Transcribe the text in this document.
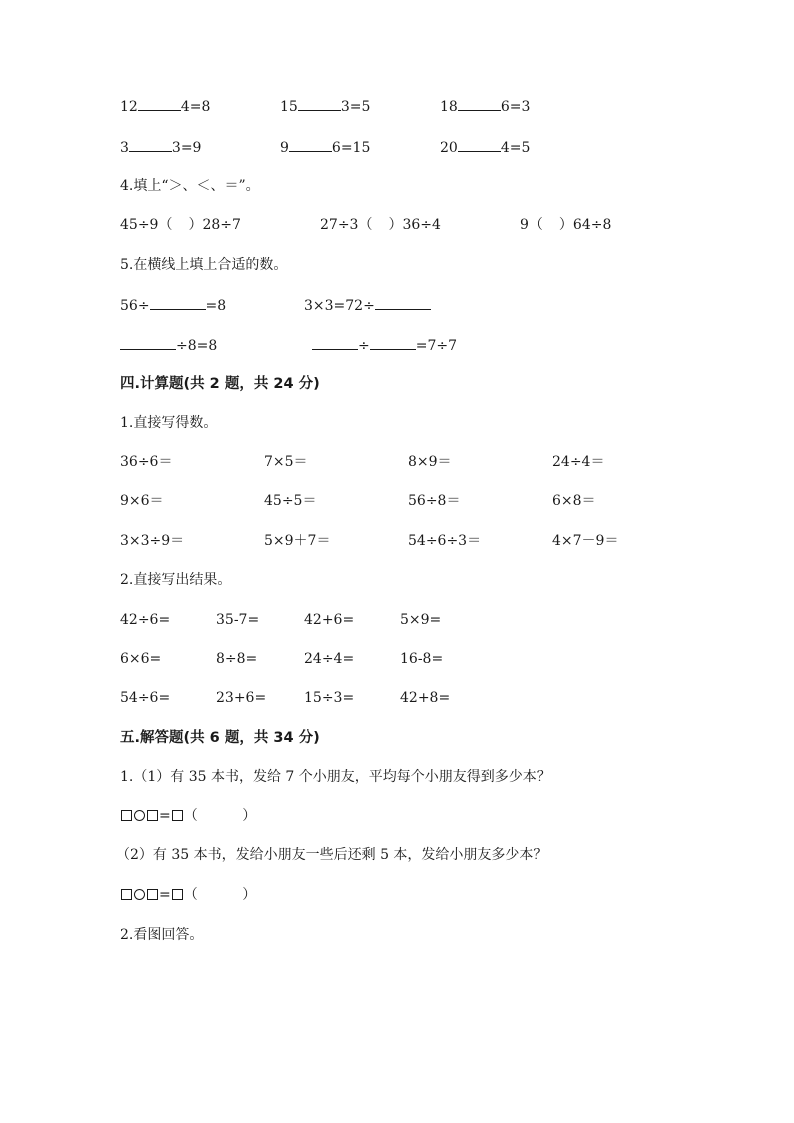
12	4=8	15	3=5	18	6=3
3	3=9	9	6=15	20	4=5
4.填上“＞、＜、＝”。
45÷9（ ）28÷7	27÷3（ ）36÷4	9（ ）64÷8
5.在横线上填上合适的数。
56÷	=8	3×3=72÷
÷8=8	÷	=7÷7
四.计算题(共 2 题，共 24 分)
1.直接写得数。
36÷6＝	7×5＝	8×9＝	24÷4＝
9×6＝	45÷5＝	56÷8＝	6×8＝
3×3÷9＝	5×9＋7＝	54÷6÷3＝	4×7－9＝
2.直接写出结果。
42÷6=	35-7=	42+6=	5×9=
6×6=	8÷8=	24÷4=	16-8=
54÷6=	23+6=	15÷3=	42+8=
五.解答题(共 6 题，共 34 分)
1.（1）有 35 本书，发给 7 个小朋友，平均每个小朋友得到多少本？
= （          ）
（2）有 35 本书，发给小朋友一些后还剩 5 本，发给小朋友多少本？
= （          ）
2.看图回答。
